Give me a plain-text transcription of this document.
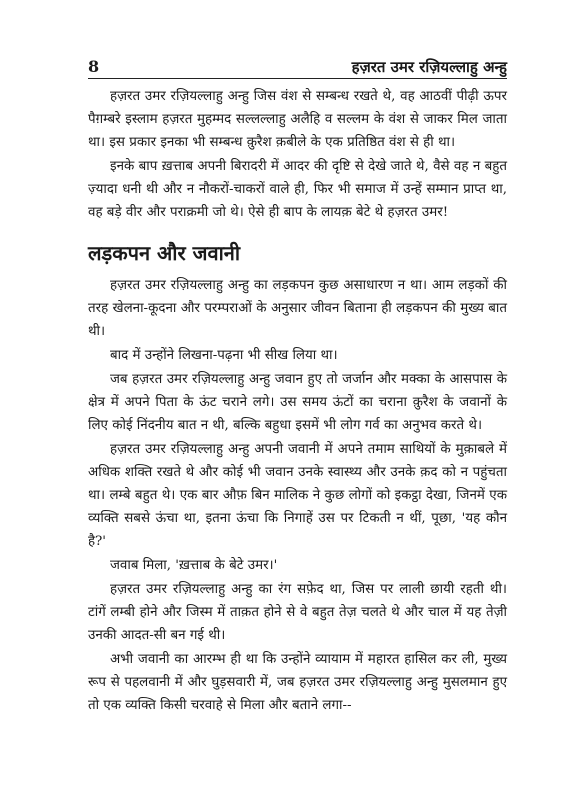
8	हज़रत उमर रज़ियल्लाहु अन्हु

हज़रत उमर रज़ियल्लाहु अन्हु जिस वंश से सम्बन्ध रखते थे, वह आठवीं पीढ़ी ऊपर पैग़म्बरे इस्लाम हज़रत मुहम्मद सल्लल्लाहु अलैहि व सल्लम के वंश से जाकर मिल जाता था। इस प्रकार इनका भी सम्बन्ध क़ुरैश क़बीले के एक प्रतिष्ठित वंश से ही था।

इनके बाप ख़त्ताब अपनी बिरादरी में आदर की दृष्टि से देखे जाते थे, वैसे वह न बहुत ज़्यादा धनी थी और न नौकरों-चाकरों वाले ही, फिर भी समाज में उन्हें सम्मान प्राप्त था, वह बड़े वीर और पराक्रमी जो थे। ऐसे ही बाप के लायक़ बेटे थे हज़रत उमर!

लड़कपन और जवानी

हज़रत उमर रज़ियल्लाहु अन्हु का लड़कपन कुछ असाधारण न था। आम लड़कों की तरह खेलना-कूदना और परम्पराओं के अनुसार जीवन बिताना ही लड़कपन की मुख्य बात थी।

बाद में उन्होंने लिखना-पढ़ना भी सीख लिया था।

जब हज़रत उमर रज़ियल्लाहु अन्हु जवान हुए तो जर्जान और मक्का के आसपास के क्षेत्र में अपने पिता के ऊंट चराने लगे। उस समय ऊंटों का चराना क़ुरैश के जवानों के लिए कोई निंदनीय बात न थी, बल्कि बहुधा इसमें भी लोग गर्व का अनुभव करते थे।

हज़रत उमर रज़ियल्लाहु अन्हु अपनी जवानी में अपने तमाम साथियों के मुक़ाबले में अधिक शक्ति रखते थे और कोई भी जवान उनके स्वास्थ्य और उनके क़द को न पहुंचता था। लम्बे बहुत थे। एक बार औफ़ बिन मालिक ने कुछ लोगों को इकट्ठा देखा, जिनमें एक व्यक्ति सबसे ऊंचा था, इतना ऊंचा कि निगाहें उस पर टिकती न थीं, पूछा, 'यह कौन है?'

जवाब मिला, 'ख़त्ताब के बेटे उमर।'

हज़रत उमर रज़ियल्लाहु अन्हु का रंग सफ़ेद था, जिस पर लाली छायी रहती थी। टांगें लम्बी होने और जिस्म में ताक़त होने से वे बहुत तेज़ चलते थे और चाल में यह तेज़ी उनकी आदत-सी बन गई थी।

अभी जवानी का आरम्भ ही था कि उन्होंने व्यायाम में महारत हासिल कर ली, मुख्य रूप से पहलवानी में और घुड़सवारी में, जब हज़रत उमर रज़ियल्लाहु अन्हु मुसलमान हुए तो एक व्यक्ति किसी चरवाहे से मिला और बताने लगा--
